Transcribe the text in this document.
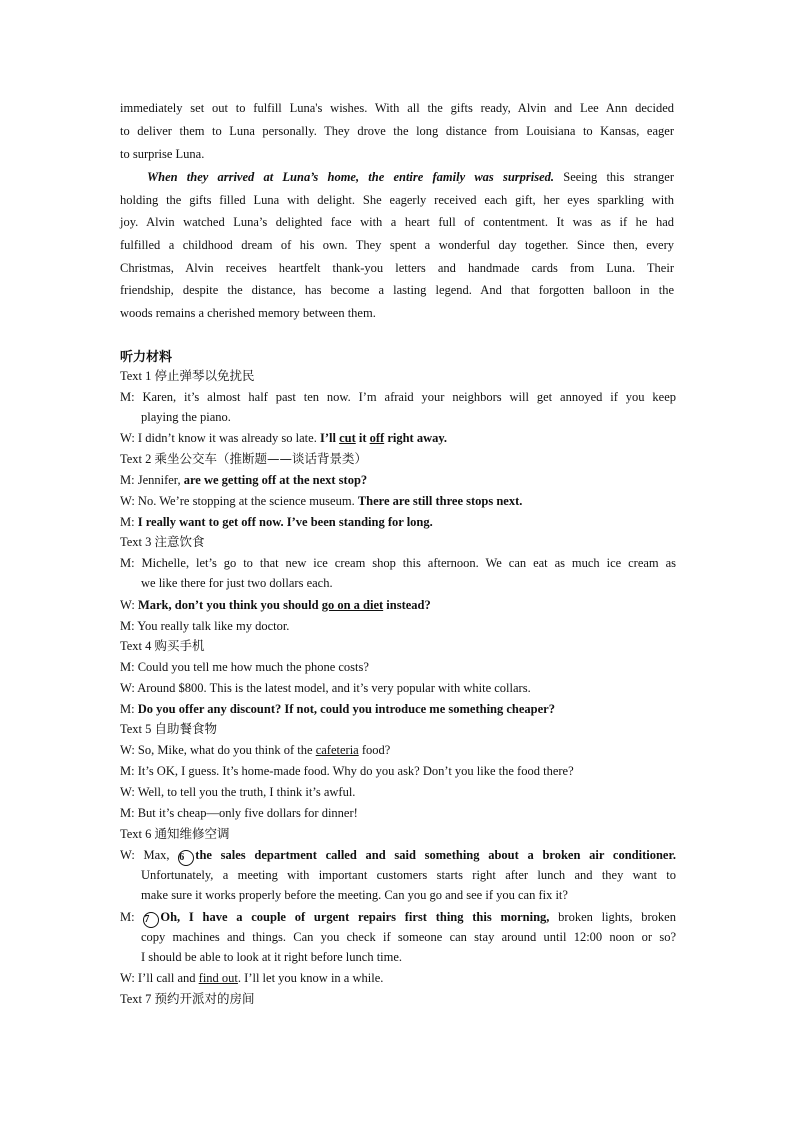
immediately set out to fulfill Luna's wishes. With all the gifts ready, Alvin and Lee Ann decided
to deliver them to Luna personally. They drove the long distance from Louisiana to Kansas, eager
to surprise Luna.
When they arrived at Luna’s home, the entire family was surprised. Seeing this stranger
holding the gifts filled Luna with delight. She eagerly received each gift, her eyes sparkling with
joy. Alvin watched Luna’s delighted face with a heart full of contentment. It was as if he had
fulfilled a childhood dream of his own. They spent a wonderful day together. Since then, every
Christmas, Alvin receives heartfelt thank-you letters and handmade cards from Luna. Their
friendship, despite the distance, has become a lasting legend. And that forgotten balloon in the
woods remains a cherished memory between them.
听力材料
Text 1 停止弹琴以免扰民
M: Karen, it’s almost half past ten now. I’m afraid your neighbors will get annoyed if you keep
playing the piano.
W: I didn’t know it was already so late. I’ll cut it off right away.
Text 2 乘坐公交车（推断题——谈话背景类）
M: Jennifer, are we getting off at the next stop?
W: No. We’re stopping at the science museum. There are still three stops next.
M: I really want to get off now. I’ve been standing for long.
Text 3 注意饮食
M: Michelle, let’s go to that new ice cream shop this afternoon. We can eat as much ice cream as
we like there for just two dollars each.
W: Mark, don’t you think you should go on a diet instead?
M: You really talk like my doctor.
Text 4 购买手机
M: Could you tell me how much the phone costs?
W: Around $800. This is the latest model, and it’s very popular with white collars.
M: Do you offer any discount? If not, could you introduce me something cheaper?
Text 5 自助餐食物
W: So, Mike, what do you think of the cafeteria food?
M: It’s OK, I guess. It’s home-made food. Why do you ask? Don’t you like the food there?
W: Well, to tell you the truth, I think it’s awful.
M: But it’s cheap—only five dollars for dinner!
Text 6 通知维修空调
W: Max, 6 the sales department called and said something about a broken air conditioner.
Unfortunately, a meeting with important customers starts right after lunch and they want to
make sure it works properly before the meeting. Can you go and see if you can fix it?
M: 7 Oh, I have a couple of urgent repairs first thing this morning, broken lights, broken
copy machines and things. Can you check if someone can stay around until 12:00 noon or so?
I should be able to look at it right before lunch time.
W: I’ll call and find out. I’ll let you know in a while.
Text 7 预约开派对的房间
